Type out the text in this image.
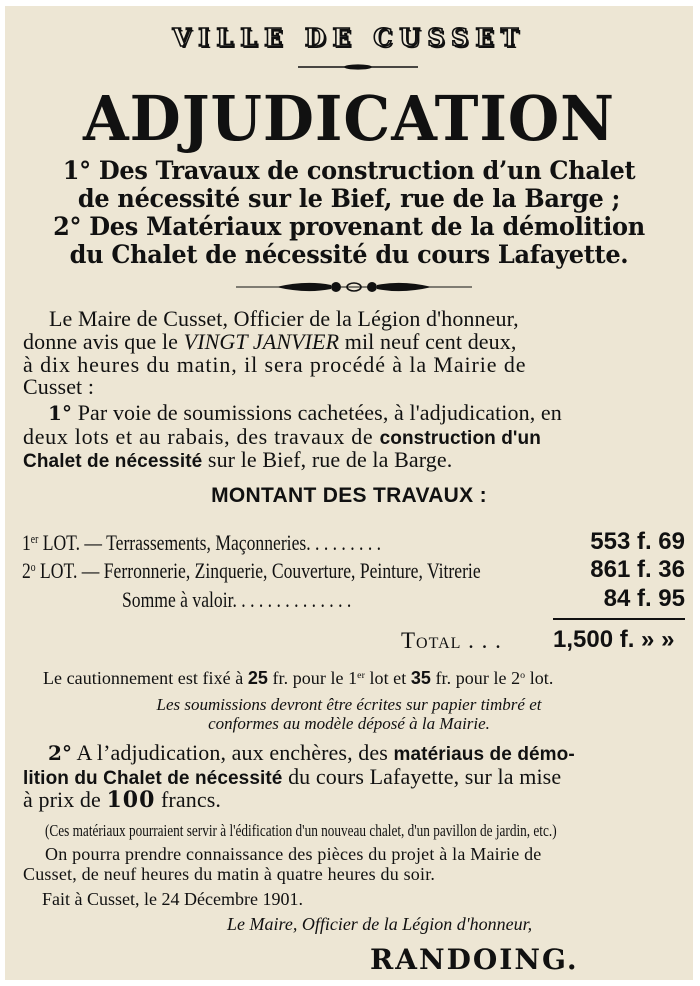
VILLE DE CUSSET
ADJUDICATION
1° Des Travaux de construction d’un Chalet
de nécessité sur le Bief, rue de la Barge ;
2° Des Matériaux provenant de la démolition
du Chalet de nécessité du cours Lafayette.
Le Maire de Cusset, Officier de la Légion d'honneur,
donne avis que le VINGT JANVIER mil neuf cent deux,
à dix heures du matin, il sera procédé à la Mairie de
Cusset :
1° Par voie de soumissions cachetées, à l'adjudication, en
deux lots et au rabais, des travaux de construction d'un
Chalet de nécessité sur le Bief, rue de la Barge.
MONTANT DES TRAVAUX :
1er LOT. — Terrassements, Maçonneries. . . . . . . . .	553 f. 69
2$^o$ LOT. — Ferronnerie, Zinquerie, Couverture, Peinture, Vitrerie	861 f. 36
Somme à valoir. . . . . . . . . . . . . .	84 f. 95
Total . . . 1,500 f. » »
Le cautionnement est fixé à 25 fr. pour le 1er lot et 35 fr. pour le 2$^o$ lot.
Les soumissions devront être écrites sur papier timbré et
conformes au modèle déposé à la Mairie.
2° A l’adjudication, aux enchères, des matériaus de démo-
lition du Chalet de nécessité du cours Lafayette, sur la mise
à prix de 100 francs.
(Ces matériaux pourraient servir à l'édification d'un nouveau chalet, d'un pavillon de jardin, etc.)
On pourra prendre connaissance des pièces du projet à la Mairie de
Cusset, de neuf heures du matin à quatre heures du soir.
Fait à Cusset, le 24 Décembre 1901.
Le Maire, Officier de la Légion d'honneur,
RANDOING.
